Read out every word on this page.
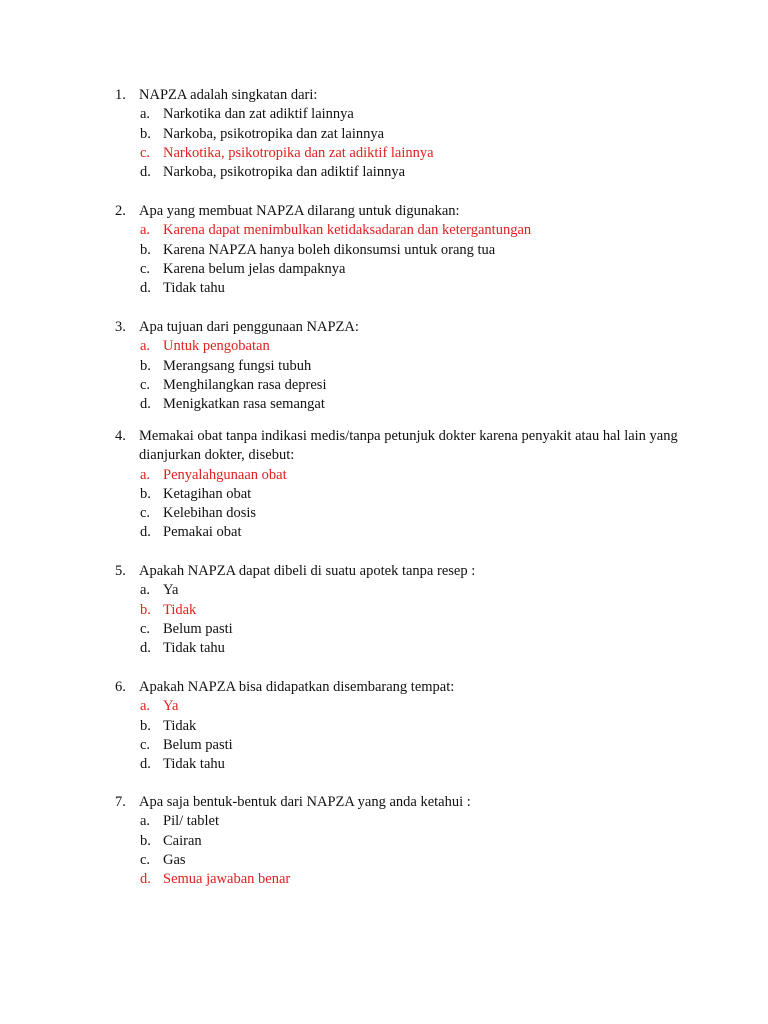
1. NAPZA adalah singkatan dari:
a. Narkotika dan zat adiktif lainnya
b. Narkoba, psikotropika dan zat lainnya
c. Narkotika, psikotropika dan zat adiktif lainnya
d. Narkoba, psikotropika dan adiktif lainnya
2. Apa yang membuat NAPZA dilarang untuk digunakan:
a. Karena dapat menimbulkan ketidaksadaran dan ketergantungan
b. Karena NAPZA hanya boleh dikonsumsi untuk orang tua
c. Karena belum jelas dampaknya
d. Tidak tahu
3. Apa tujuan dari penggunaan NAPZA:
a. Untuk pengobatan
b. Merangsang fungsi tubuh
c. Menghilangkan rasa depresi
d. Menigkatkan rasa semangat
4. Memakai obat tanpa indikasi medis/tanpa petunjuk dokter karena penyakit atau hal lain yang dianjurkan dokter, disebut:
a. Penyalahgunaan obat
b. Ketagihan obat
c. Kelebihan dosis
d. Pemakai obat
5. Apakah NAPZA dapat dibeli di suatu apotek tanpa resep :
a. Ya
b. Tidak
c. Belum pasti
d. Tidak tahu
6. Apakah NAPZA bisa didapatkan disembarang tempat:
a. Ya
b. Tidak
c. Belum pasti
d. Tidak tahu
7. Apa saja bentuk-bentuk dari NAPZA yang anda ketahui :
a. Pil/ tablet
b. Cairan
c. Gas
d. Semua jawaban benar
